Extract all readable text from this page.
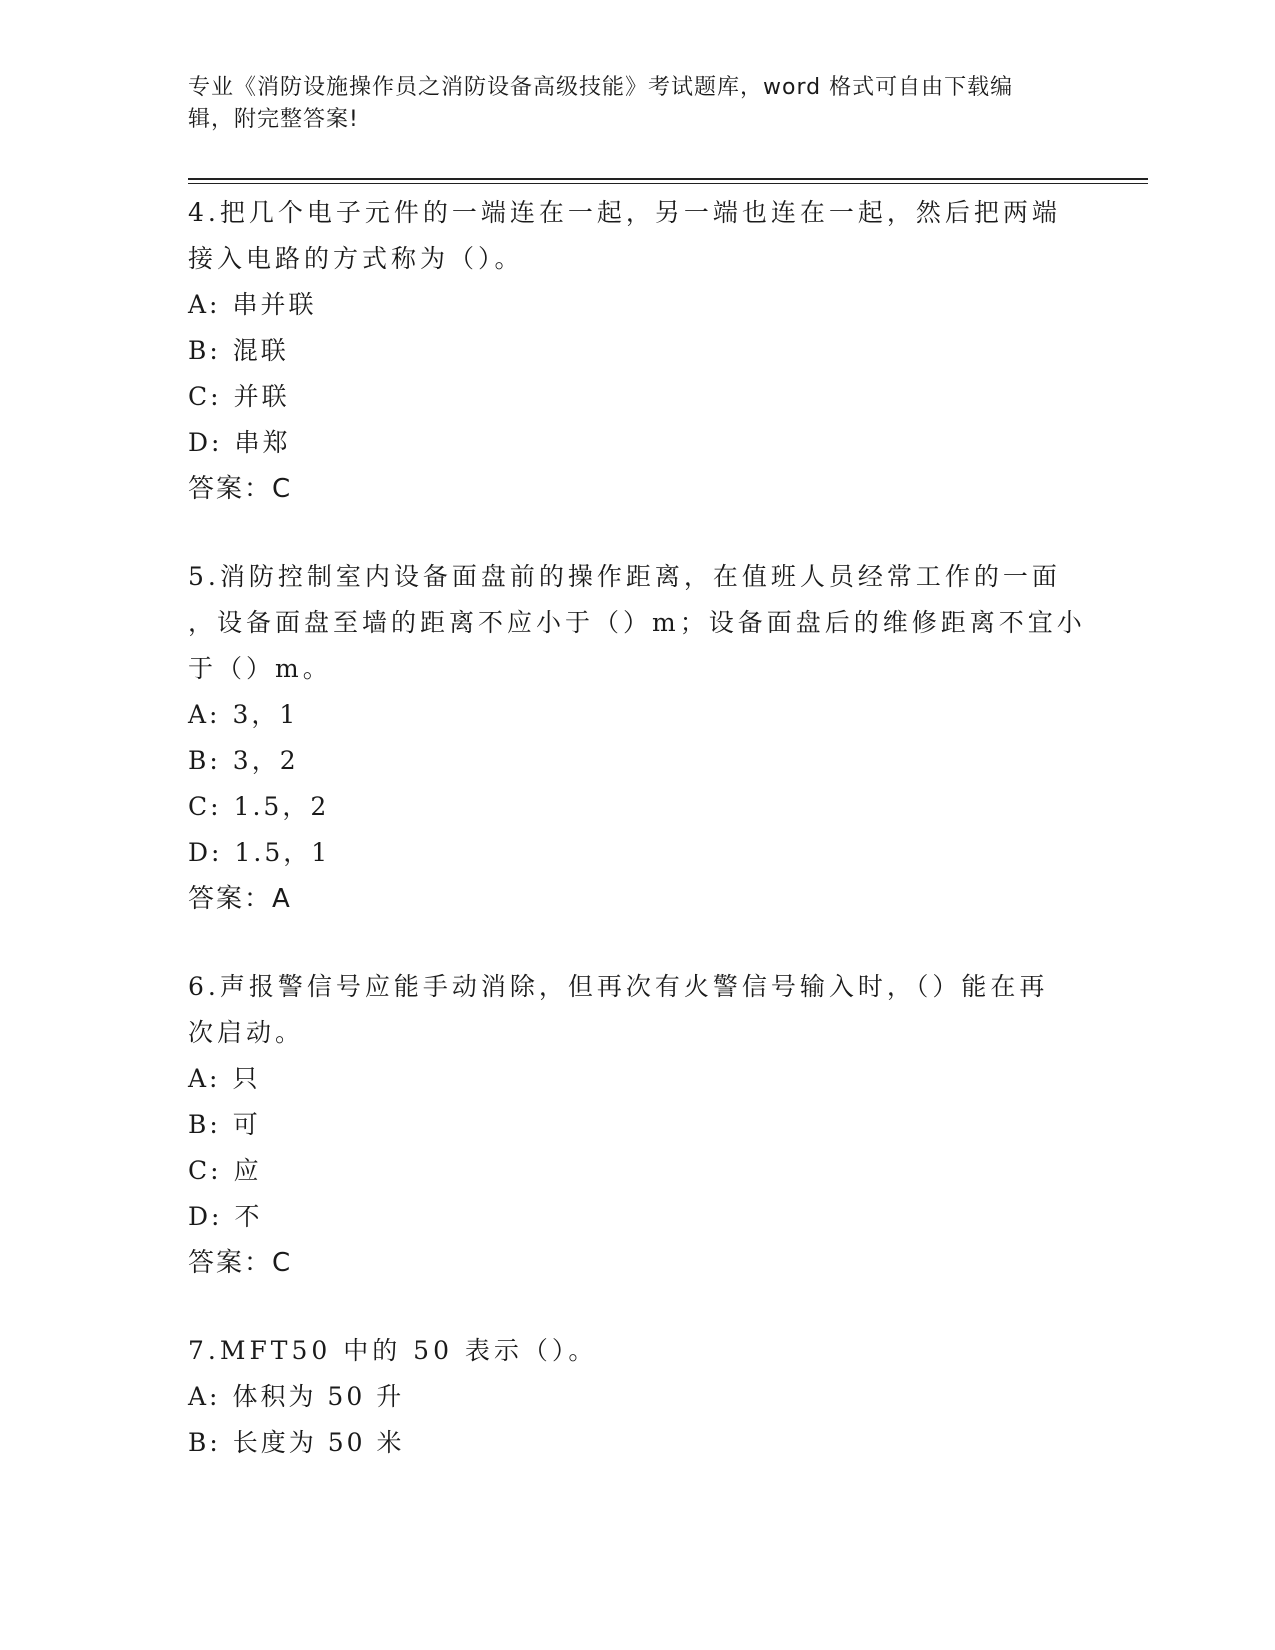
专业《消防设施操作员之消防设备高级技能》考试题库，word 格式可自由下载编
辑，附完整答案!
4.把几个电子元件的一端连在一起，另一端也连在一起，然后把两端
接入电路的方式称为（）。
A: 串并联
B: 混联
C: 并联
D: 串郑
答案：C
5.消防控制室内设备面盘前的操作距离，在值班人员经常工作的一面
，设备面盘至墙的距离不应小于（）m；设备面盘后的维修距离不宜小
于（）m。
A: 3，1
B: 3，2
C: 1.5，2
D: 1.5，1
答案：A
6.声报警信号应能手动消除，但再次有火警信号输入时，（）能在再
次启动。
A: 只
B: 可
C: 应
D: 不
答案：C
7.MFT50 中的 50 表示（）。
A: 体积为 50 升
B: 长度为 50 米
